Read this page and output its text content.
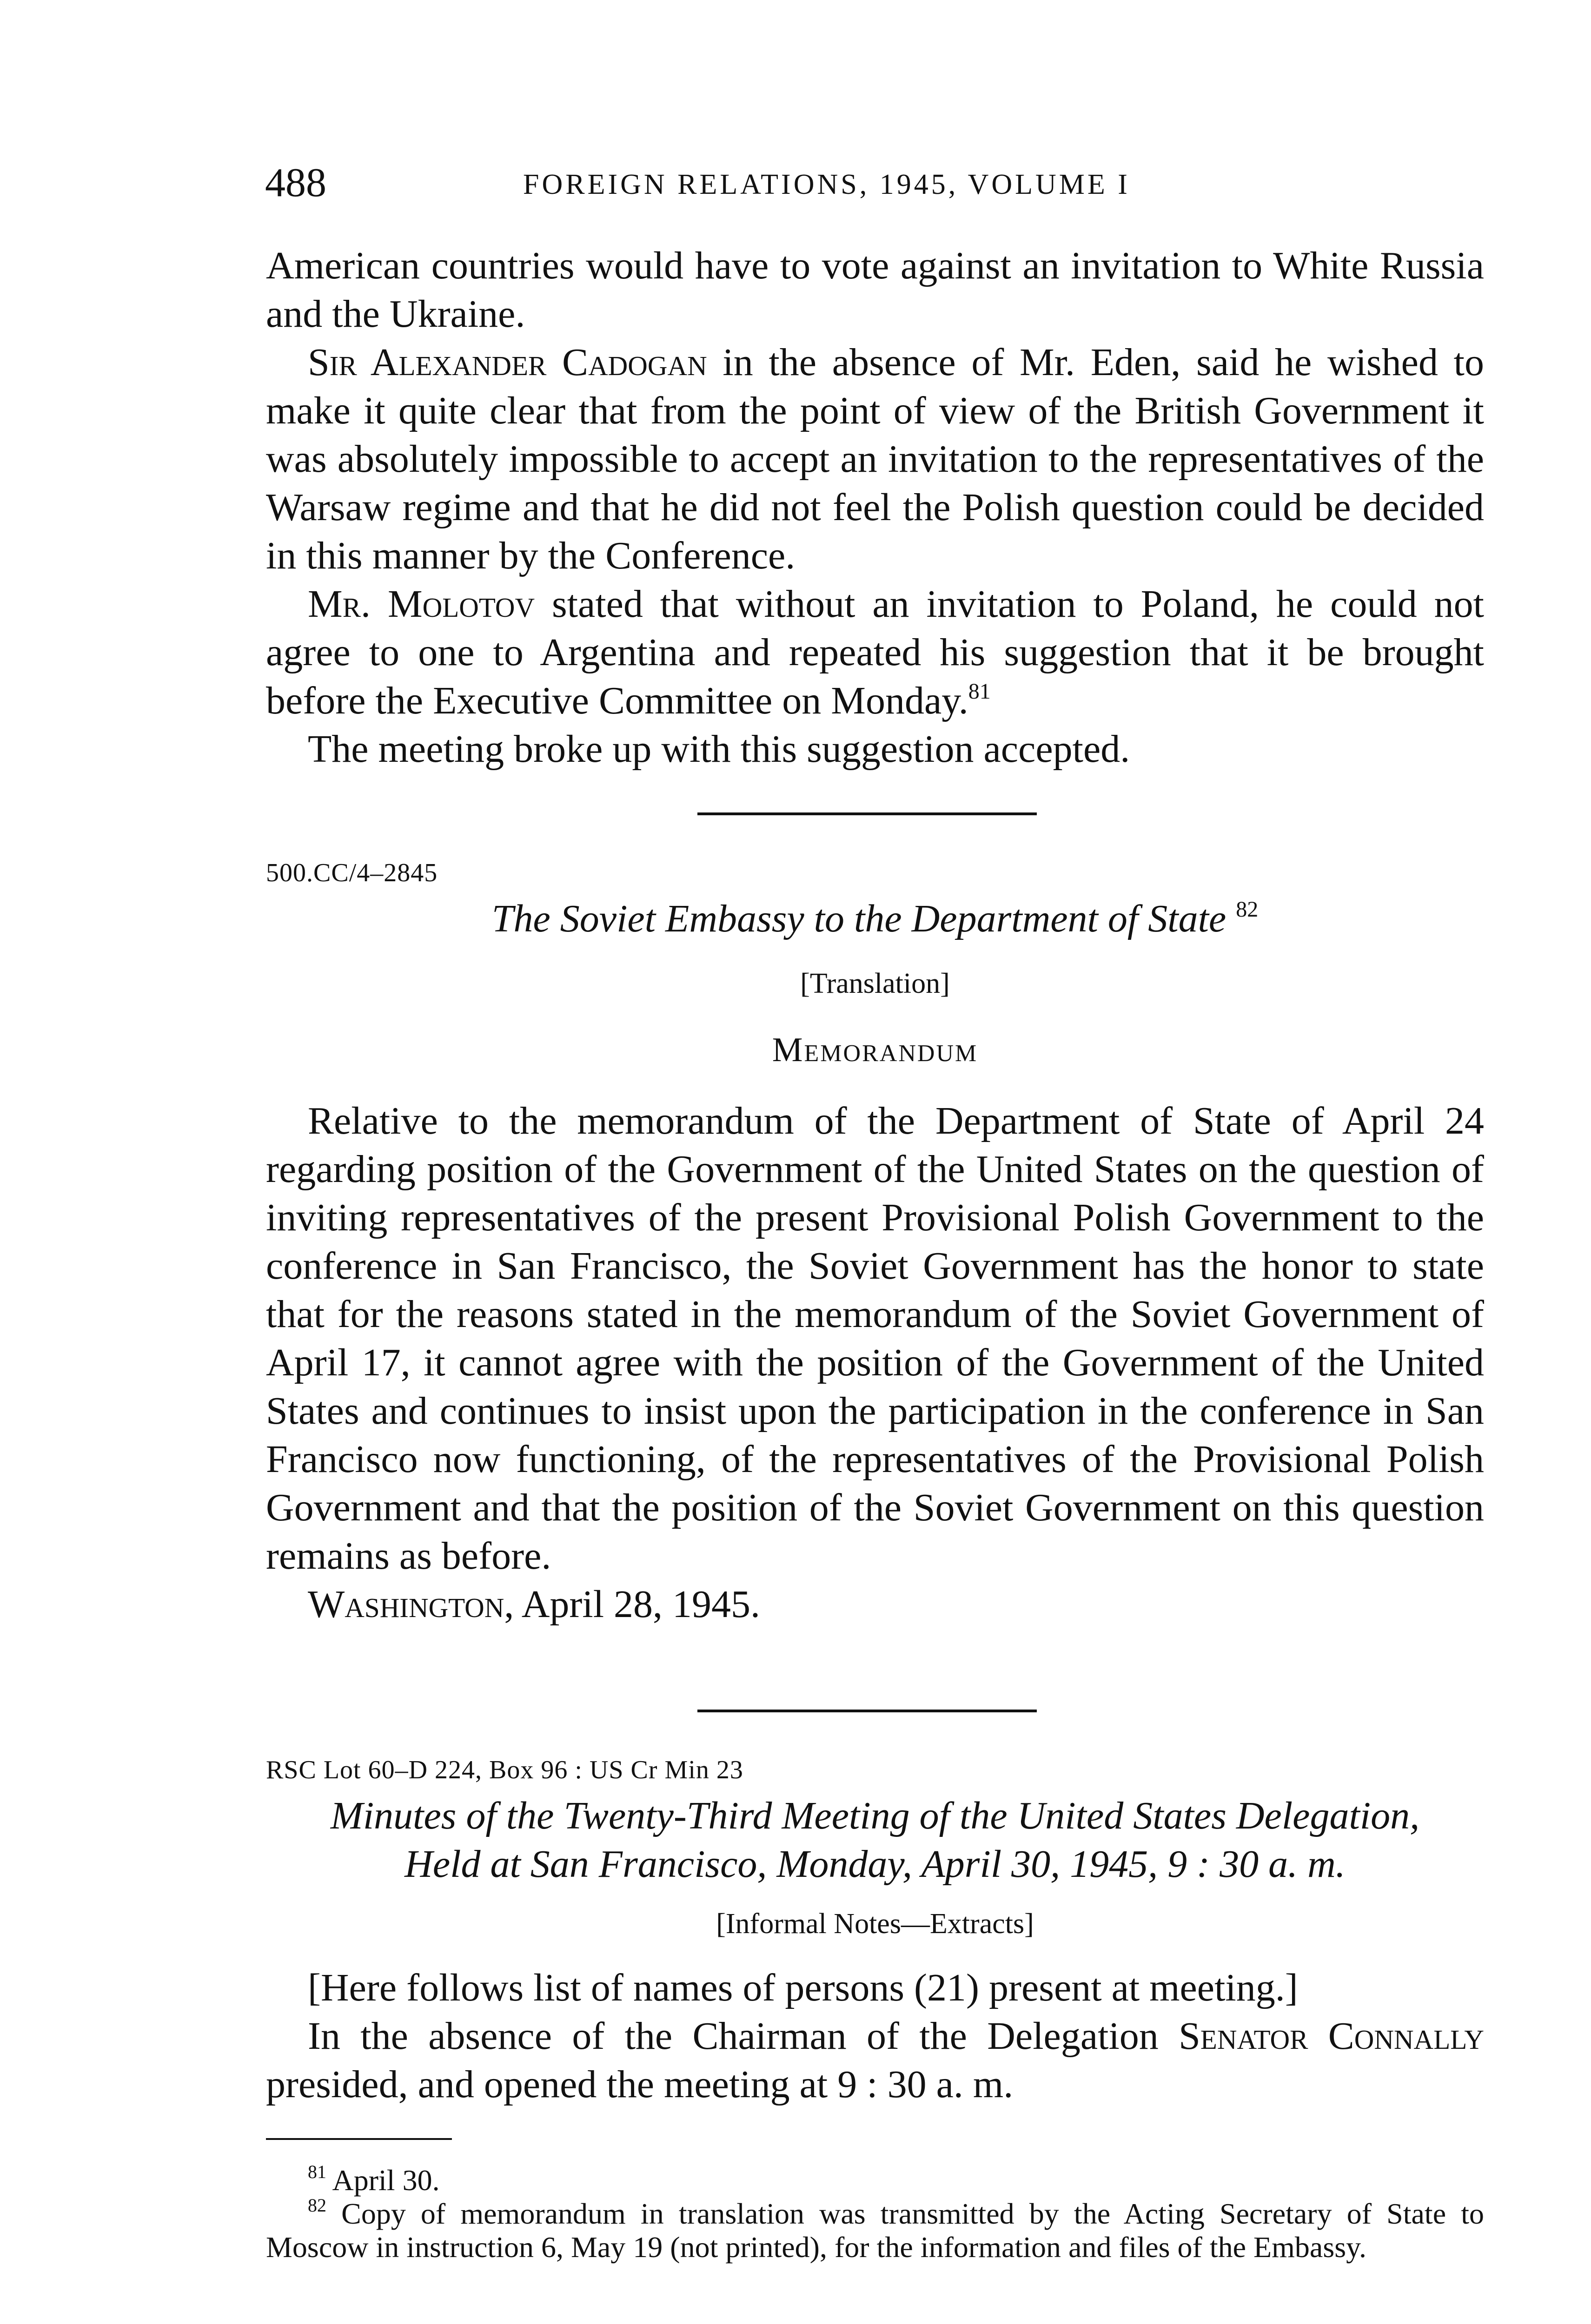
488	FOREIGN RELATIONS, 1945, VOLUME I

American countries would have to vote against an invitation to White Russia and the Ukraine.

Sir Alexander Cadogan in the absence of Mr. Eden, said he wished to make it quite clear that from the point of view of the British Government it was absolutely impossible to accept an invitation to the representatives of the Warsaw regime and that he did not feel the Polish question could be decided in this manner by the Conference.

Mr. Molotov stated that without an invitation to Poland, he could not agree to one to Argentina and repeated his suggestion that it be brought before the Executive Committee on Monday.$^{81}$

The meeting broke up with this suggestion accepted.

500.CC/4–2845
The Soviet Embassy to the Department of State $^{82}$
[Translation]
Memorandum

Relative to the memorandum of the Department of State of April 24 regarding position of the Government of the United States on the question of inviting representatives of the present Provisional Polish Government to the conference in San Francisco, the Soviet Government has the honor to state that for the reasons stated in the memorandum of the Soviet Government of April 17, it cannot agree with the position of the Government of the United States and continues to insist upon the participation in the conference in San Francisco now functioning, of the representatives of the Provisional Polish Government and that the position of the Soviet Government on this question remains as before.

Washington, April 28, 1945.

RSC Lot 60–D 224, Box 96 : US Cr Min 23
Minutes of the Twenty-Third Meeting of the United States Delegation,
Held at San Francisco, Monday, April 30, 1945, 9 : 30 a. m.
[Informal Notes—Extracts]

[Here follows list of names of persons (21) present at meeting.]

In the absence of the Chairman of the Delegation Senator Connally presided, and opened the meeting at 9 : 30 a. m.

$^{81}$ April 30.

$^{82}$ Copy of memorandum in translation was transmitted by the Acting Secretary of State to Moscow in instruction 6, May 19 (not printed), for the information and files of the Embassy.
